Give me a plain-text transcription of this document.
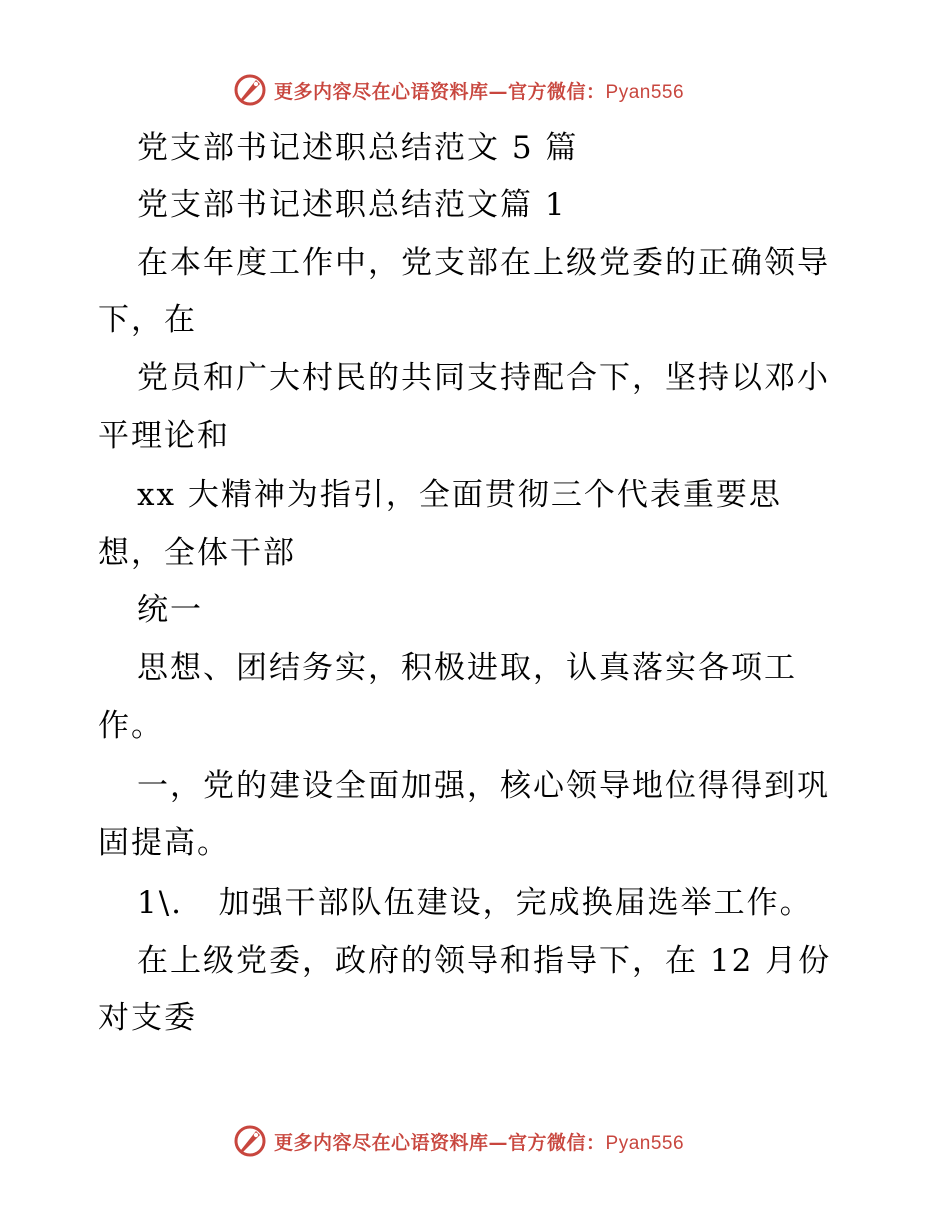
更多内容尽在心语资料库—官方微信：Pyan556
党支部书记述职总结范文 5 篇
党支部书记述职总结范文篇 1
在本年度工作中，党支部在上级党委的正确领导
下，在
党员和广大村民的共同支持配合下，坚持以邓小
平理论和
xx 大精神为指引，全面贯彻三个代表重要思
想，全体干部
统一
思想、团结务实，积极进取，认真落实各项工
作。
一，党的建设全面加强，核心领导地位得得到巩
固提高。
1\.   加强干部队伍建设，完成换届选举工作。
在上级党委，政府的领导和指导下，在 12 月份
对支委
更多内容尽在心语资料库—官方微信：Pyan556
